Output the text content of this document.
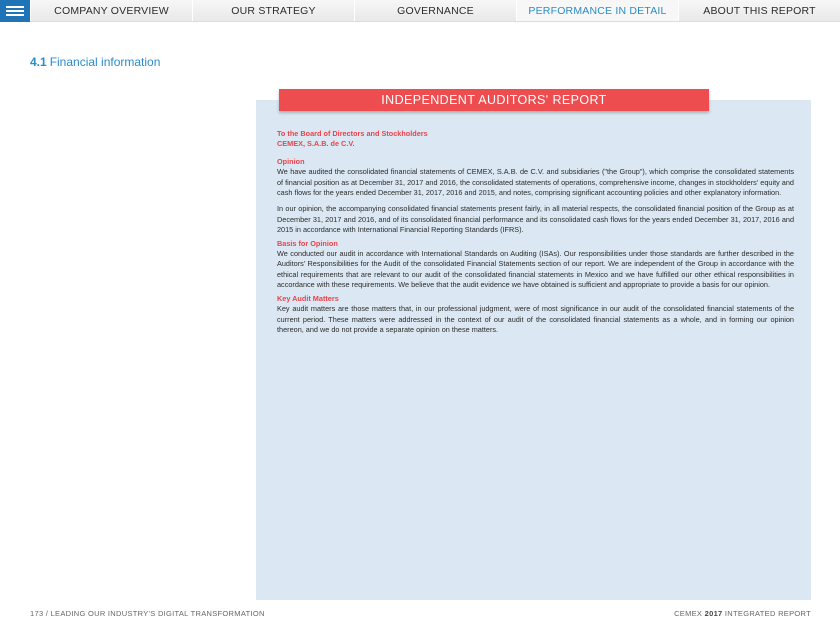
COMPANY OVERVIEW	OUR STRATEGY	GOVERNANCE	PERFORMANCE IN DETAIL	ABOUT THIS REPORT
4.1 Financial information
INDEPENDENT AUDITORS' REPORT
To the Board of Directors and Stockholders
CEMEX, S.A.B. de C.V.
Opinion

We have audited the consolidated financial statements of CEMEX, S.A.B. de C.V. and subsidiaries ("the Group"), which comprise the consolidated statements of financial position as at December 31, 2017 and 2016, the consolidated statements of operations, comprehensive income, changes in stockholders' equity and cash flows for the years ended December 31, 2017, 2016 and 2015, and notes, comprising significant accounting policies and other explanatory information.

In our opinion, the accompanying consolidated financial statements present fairly, in all material respects, the consolidated financial position of the Group as at December 31, 2017 and 2016, and of its consolidated financial performance and its consolidated cash flows for the years ended December 31, 2017, 2016 and 2015 in accordance with International Financial Reporting Standards (IFRS).

Basis for Opinion

We conducted our audit in accordance with International Standards on Auditing (ISAs). Our responsibilities under those standards are further described in the Auditors' Responsibilities for the Audit of the consolidated Financial Statements section of our report. We are independent of the Group in accordance with the ethical requirements that are relevant to our audit of the consolidated financial statements in Mexico and we have fulfilled our other ethical responsibilities in accordance with these requirements. We believe that the audit evidence we have obtained is sufficient and appropriate to provide a basis for our opinion.

Key Audit Matters

Key audit matters are those matters that, in our professional judgment, were of most significance in our audit of the consolidated financial statements of the current period. These matters were addressed in the context of our audit of the consolidated financial statements as a whole, and in forming our opinion thereon, and we do not provide a separate opinion on these matters.

173 / LEADING OUR INDUSTRY'S DIGITAL TRANSFORMATION	CEMEX 2017 INTEGRATED REPORT
